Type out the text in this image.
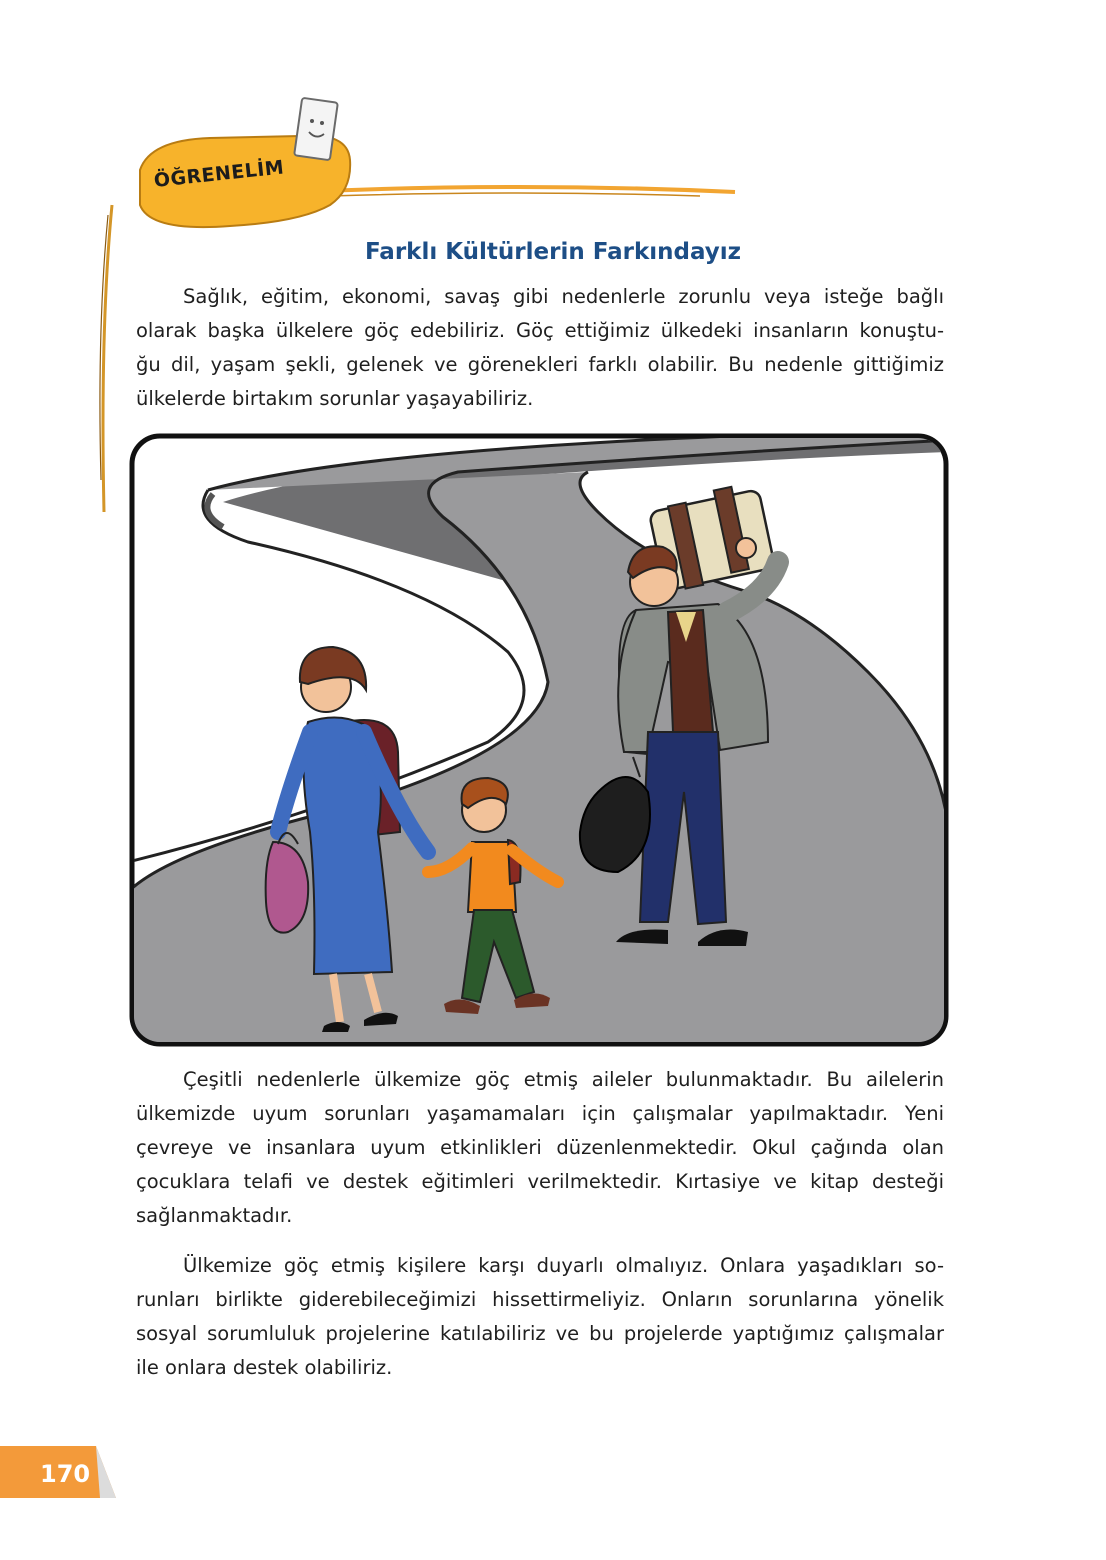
ÖĞRENELİM
Farklı Kültürlerin Farkındayız

Sağlık, eğitim, ekonomi, savaş gibi nedenlerle zorunlu veya isteğe bağlı
olarak başka ülkelere göç edebiliriz. Göç ettiğimiz ülkedeki insanların konuştu-
ğu dil, yaşam şekli, gelenek ve görenekleri farklı olabilir. Bu nedenle gittiğimiz
ülkelerde birtakım sorunlar yaşayabiliriz.

Çeşitli nedenlerle ülkemize göç etmiş aileler bulunmaktadır. Bu ailelerin
ülkemizde uyum sorunları yaşamamaları için çalışmalar yapılmaktadır. Yeni
çevreye ve insanlara uyum etkinlikleri düzenlenmektedir. Okul çağında olan
çocuklara telafi ve destek eğitimleri verilmektedir. Kırtasiye ve kitap desteği
sağlanmaktadır.

Ülkemize göç etmiş kişilere karşı duyarlı olmalıyız. Onlara yaşadıkları so-
runları birlikte giderebileceğimizi hissettirmeliyiz. Onların sorunlarına yönelik
sosyal sorumluluk projelerine katılabiliriz ve bu projelerde yaptığımız çalışmalar
ile onlara destek olabiliriz.

170
